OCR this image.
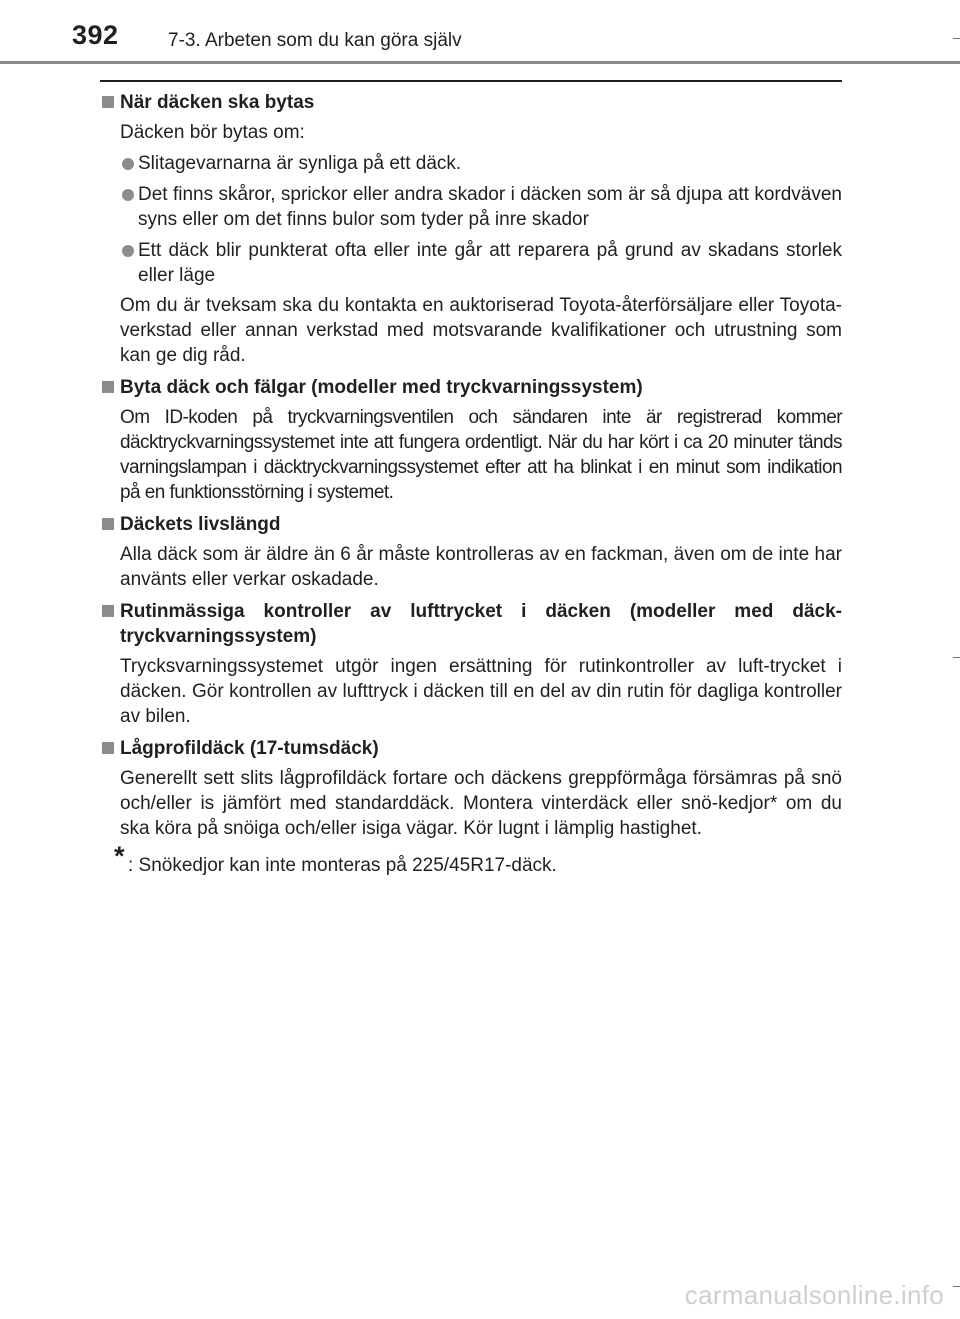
392	7-3. Arbeten som du kan göra själv
När däcken ska bytas
Däcken bör bytas om:
Slitagevarnarna är synliga på ett däck.
Det finns skåror, sprickor eller andra skador i däcken som är så djupa att kordväven syns eller om det finns bulor som tyder på inre skador
Ett däck blir punkterat ofta eller inte går att reparera på grund av skadans storlek eller läge
Om du är tveksam ska du kontakta en auktoriserad Toyota-återförsäljare eller Toyota-verkstad eller annan verkstad med motsvarande kvalifikationer och utrustning som kan ge dig råd.
Byta däck och fälgar (modeller med tryckvarningssystem)
Om ID-koden på tryckvarningsventilen och sändaren inte är registrerad kommer däcktryckvarningssystemet inte att fungera ordentligt. När du har kört i ca 20 minuter tänds varningslampan i däcktryckvarningssystemet efter att ha blinkat i en minut som indikation på en funktionsstörning i systemet.
Däckets livslängd
Alla däck som är äldre än 6 år måste kontrolleras av en fackman, även om de inte har använts eller verkar oskadade.
Rutinmässiga kontroller av lufttrycket i däcken (modeller med däck-tryckvarningssystem)
Trycksvarningssystemet utgör ingen ersättning för rutinkontroller av luft-trycket i däcken. Gör kontrollen av lufttryck i däcken till en del av din rutin för dagliga kontroller av bilen.
Lågprofildäck (17-tumsdäck)
Generellt sett slits lågprofildäck fortare och däckens greppförmåga försämras på snö och/eller is jämfört med standarddäck. Montera vinterdäck eller snö-kedjor* om du ska köra på snöiga och/eller isiga vägar. Kör lugnt i lämplig hastighet.
* : Snökedjor kan inte monteras på 225/45R17-däck.
carmanualsonline.info
